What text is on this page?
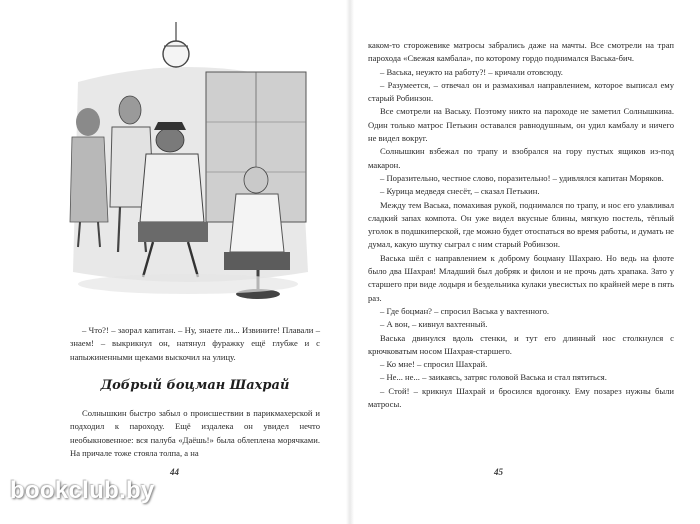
– Что?! – заорал капитан. – Ну, знаете ли... Извините! Плавали – знаем! – выкрикнул он, натянул фуражку ещё глубже и с напыжиненными щеками выскочил на улицу.

Добрый боцман Шахрай

Солнышкин быстро забыл о происшествии в парикмахерской и подходил к пароходу. Ещё издалека он увидел нечто необыкновенное: вся палуба «Даёшь!» была облеплена морячками. На причале тоже стояла толпа, а на

44

каком-то сторожевике матросы забрались даже на мачты. Все смотрели на трап парохода «Свежая камбала», по которому гордо поднимался Васька-бич.

– Васька, неужто на работу?! – кричали отовсюду.

– Разумеется, – отвечал он и размахивал направлением, которое выписал ему старый Робинзон.

Все смотрели на Ваську. Поэтому никто на пароходе не заметил Солнышкина. Один только матрос Петькин оставался равнодушным, он удил камбалу и ничего не видел вокруг.

Солнышкин взбежал по трапу и взобрался на гору пустых ящиков из-под макарон.

– Поразительно, честное слово, поразительно! – удивлялся капитан Моряков.

– Курица медведя снесёт, – сказал Петькин.

Между тем Васька, помахивая рукой, поднимался по трапу, и нос его улавливал сладкий запах компота. Он уже видел вкусные блины, мягкую постель, тёплый уголок в подшкиперской, где можно будет отоспаться во время работы, и думать не думал, какую шутку сыграл с ним старый Робинзон.

Васька шёл с направлением к доброму боцману Шахраю. Но ведь на флоте было два Шахрая! Младший был добряк и филон и не прочь дать храпака. Зато у старшего при виде лодыря и бездельника кулаки увесистых по крайней мере в пять раз.

– Где боцман? – спросил Васька у вахтенного.

– А вон, – кивнул вахтенный.

Васька двинулся вдоль стенки, и тут его длинный нос столкнулся с крючковатым носом Шахрая-старшего.

– Ко мне! – спросил Шахрай.

– Не... не... – заикаясь, затряс головой Васька и стал пятиться.

– Стой! – крикнул Шахрай и бросился вдогонку. Ему позарез нужны были матросы.

45
bookclub.by
